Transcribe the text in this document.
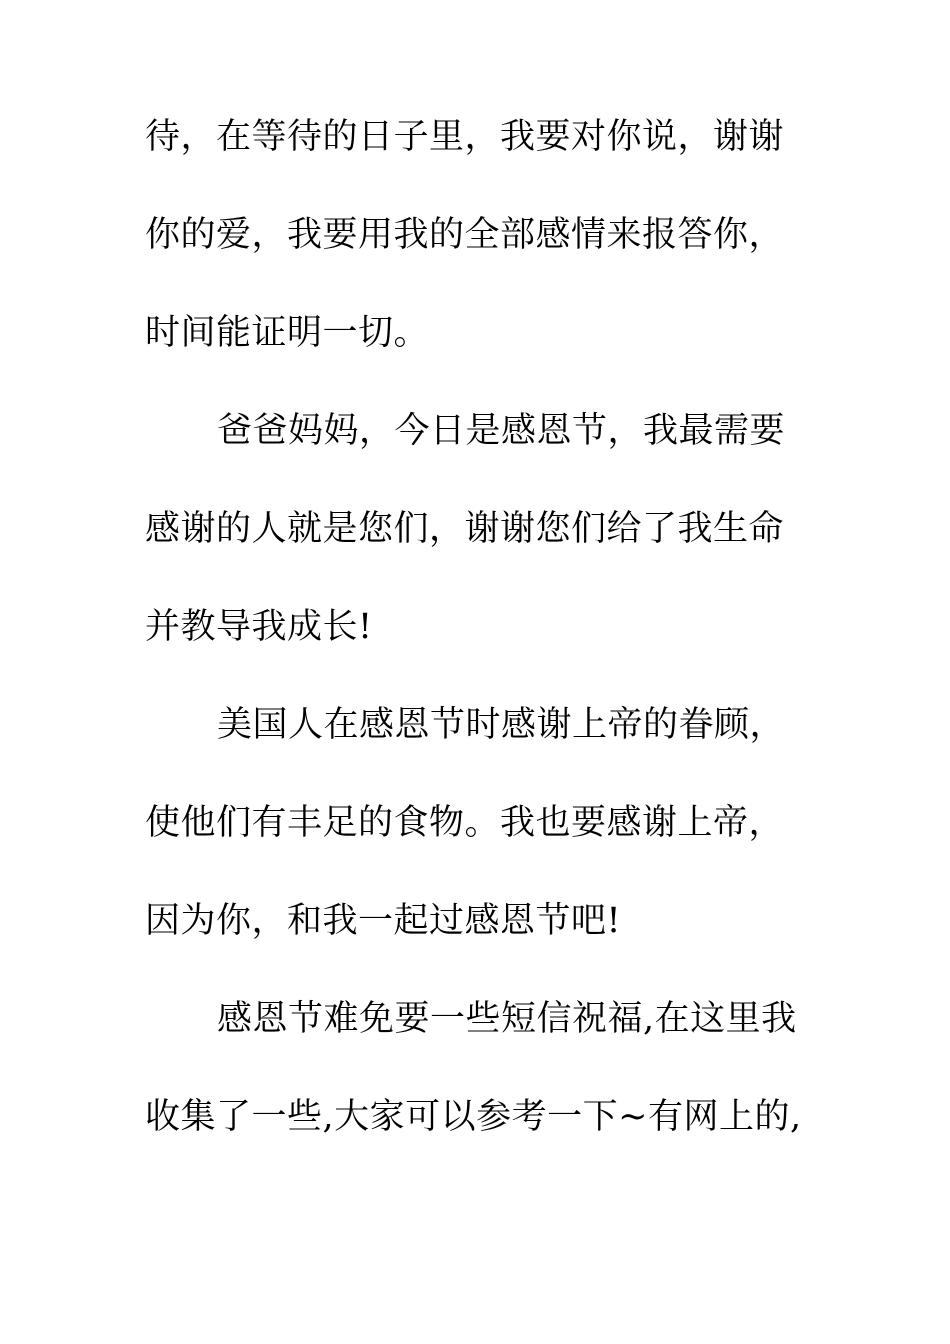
待，在等待的日子里，我要对你说，谢谢
你的爱，我要用我的全部感情来报答你，
时间能证明一切。
爸爸妈妈，今日是感恩节，我最需要
感谢的人就是您们，谢谢您们给了我生命
并教导我成长!
美国人在感恩节时感谢上帝的眷顾，
使他们有丰足的食物。我也要感谢上帝，
因为你，和我一起过感恩节吧!
感恩节难免要一些短信祝福,在这里我
收集了一些,大家可以参考一下~有网上的,
